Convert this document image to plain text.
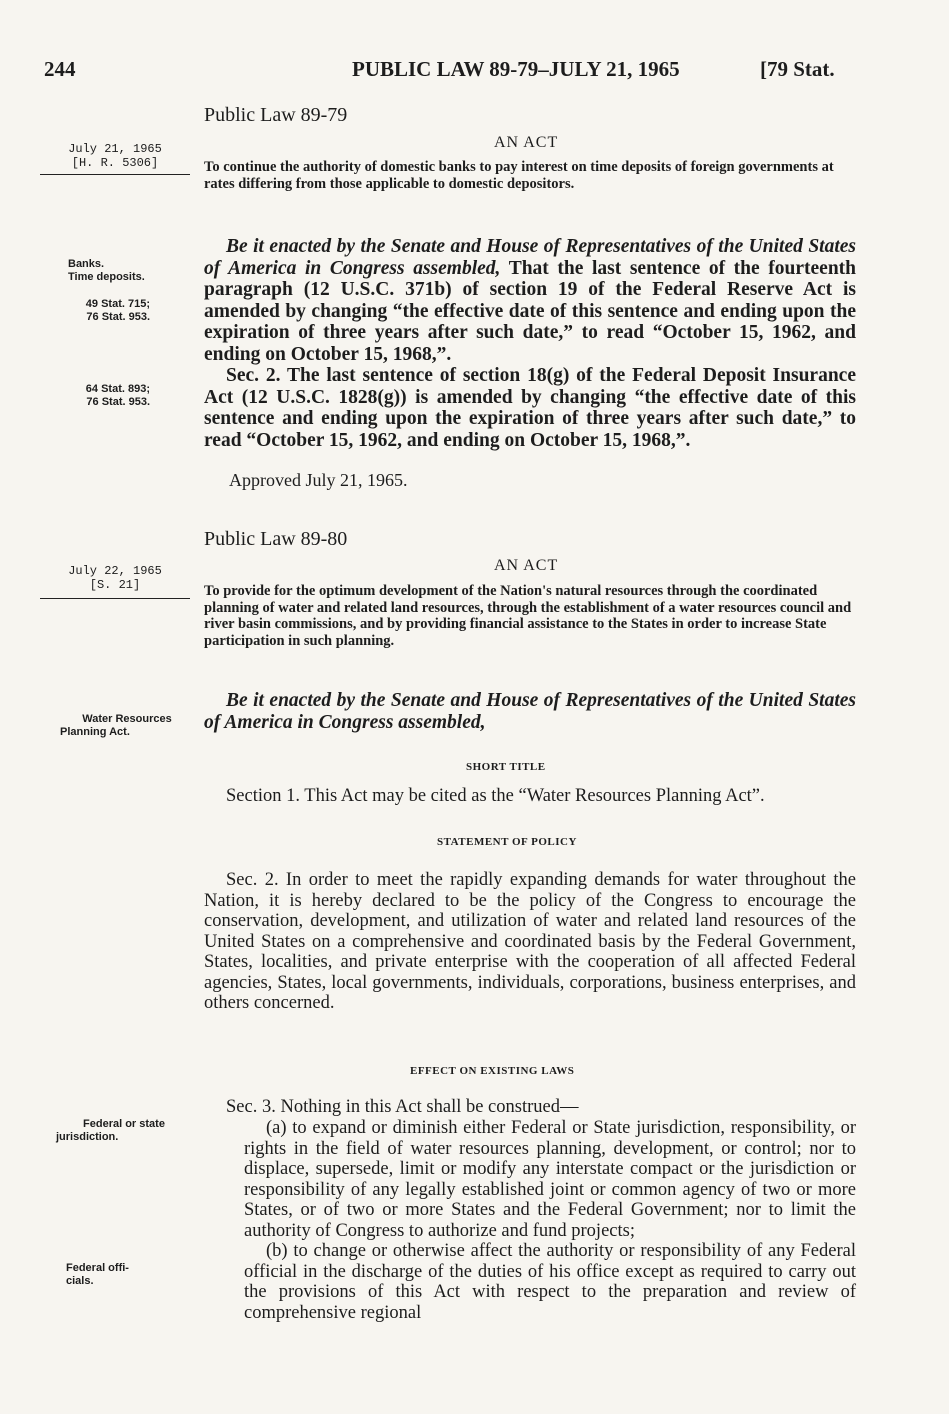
244	PUBLIC LAW 89-79–JULY 21, 1965	[79 Stat.
Public Law 89-79
July 21, 1965
[H. R. 5306]
AN ACT
To continue the authority of domestic banks to pay interest on time deposits of foreign governments at rates differing from those applicable to domestic depositors.
Banks.
Time deposits.
49 Stat. 715;
76 Stat. 953.
64 Stat. 893;
76 Stat. 953.

Be it enacted by the Senate and House of Representatives of the United States of America in Congress assembled, That the last sentence of the fourteenth paragraph (12 U.S.C. 371b) of section 19 of the Federal Reserve Act is amended by changing “the effective date of this sentence and ending upon the expiration of three years after such date,” to read “October 15, 1962, and ending on October 15, 1968,”.

Sec. 2. The last sentence of section 18(g) of the Federal Deposit Insurance Act (12 U.S.C. 1828(g)) is amended by changing “the effective date of this sentence and ending upon the expiration of three years after such date,” to read “October 15, 1962, and ending on October 15, 1968,”.

Approved July 21, 1965.
Public Law 89-80
July 22, 1965
[S. 21]
AN ACT
To provide for the optimum development of the Nation's natural resources through the coordinated planning of water and related land resources, through the establishment of a water resources council and river basin commissions, and by providing financial assistance to the States in order to increase State participation in such planning.
Water Resources
Planning Act.

Be it enacted by the Senate and House of Representatives of the United States of America in Congress assembled,

SHORT TITLE

Section 1. This Act may be cited as the “Water Resources Planning Act”.

STATEMENT OF POLICY

Sec. 2. In order to meet the rapidly expanding demands for water throughout the Nation, it is hereby declared to be the policy of the Congress to encourage the conservation, development, and utilization of water and related land resources of the United States on a comprehensive and coordinated basis by the Federal Government, States, localities, and private enterprise with the cooperation of all affected Federal agencies, States, local governments, individuals, corporations, business enterprises, and others concerned.

EFFECT ON EXISTING LAWS
Federal or state
jurisdiction.
Federal offi-
cials.

Sec. 3. Nothing in this Act shall be construed—

(a) to expand or diminish either Federal or State jurisdiction, responsibility, or rights in the field of water resources planning, development, or control; nor to displace, supersede, limit or modify any interstate compact or the jurisdiction or responsibility of any legally established joint or common agency of two or more States, or of two or more States and the Federal Government; nor to limit the authority of Congress to authorize and fund projects;

(b) to change or otherwise affect the authority or responsibility of any Federal official in the discharge of the duties of his office except as required to carry out the provisions of this Act with respect to the preparation and review of comprehensive regional
